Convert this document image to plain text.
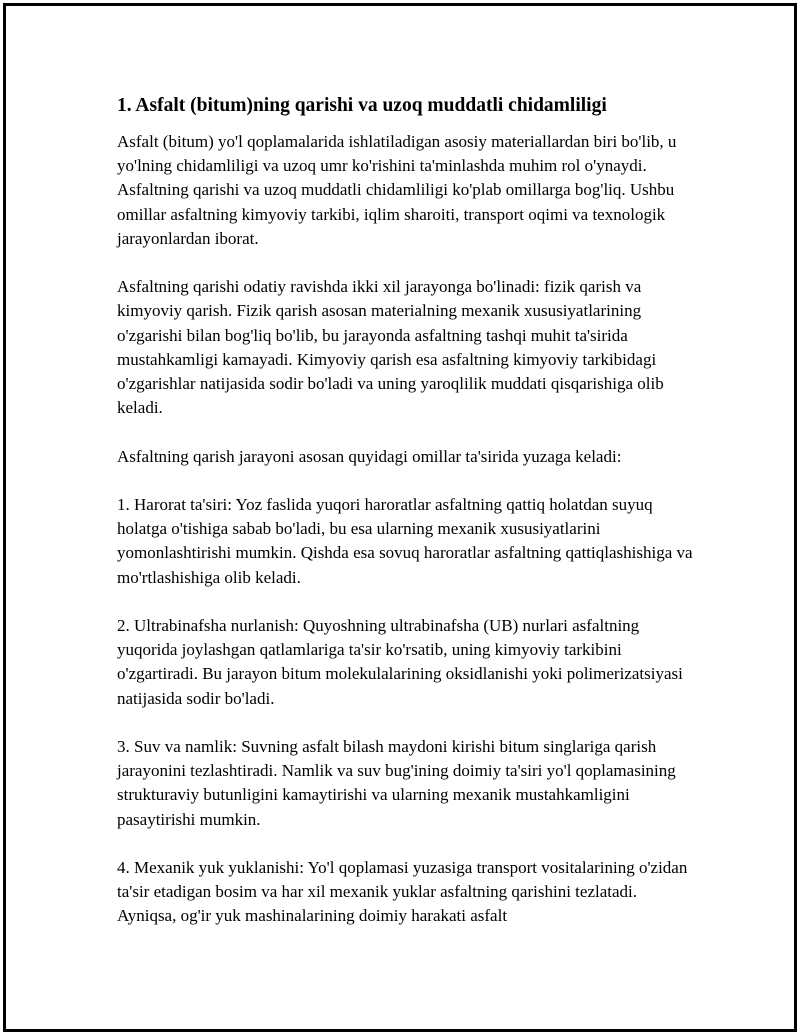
1. Asfalt (bitum)ning qarishi va uzoq muddatli chidamliligi

Asfalt (bitum) yo'l qoplamalarida ishlatiladigan asosiy materiallardan biri bo'lib, u yo'lning chidamliligi va uzoq umr ko'rishini ta'minlashda muhim rol o'ynaydi. Asfaltning qarishi va uzoq muddatli chidamliligi ko'plab omillarga bog'liq. Ushbu omillar asfaltning kimyoviy tarkibi, iqlim sharoiti, transport oqimi va texnologik jarayonlardan iborat.

Asfaltning qarishi odatiy ravishda ikki xil jarayonga bo'linadi: fizik qarish va kimyoviy qarish. Fizik qarish asosan materialning mexanik xususiyatlarining o'zgarishi bilan bog'liq bo'lib, bu jarayonda asfaltning tashqi muhit ta'sirida mustahkamligi kamayadi. Kimyoviy qarish esa asfaltning kimyoviy tarkibidagi o'zgarishlar natijasida sodir bo'ladi va uning yaroqlilik muddati qisqarishiga olib keladi.

Asfaltning qarish jarayoni asosan quyidagi omillar ta'sirida yuzaga keladi:

1. Harorat ta'siri: Yoz faslida yuqori haroratlar asfaltning qattiq holatdan suyuq holatga o'tishiga sabab bo'ladi, bu esa ularning mexanik xususiyatlarini yomonlashtirishi mumkin. Qishda esa sovuq haroratlar asfaltning qattiqlashishiga va mo'rtlashishiga olib keladi.

2. Ultrabinafsha nurlanish: Quyoshning ultrabinafsha (UB) nurlari asfaltning yuqorida joylashgan qatlamlariga ta'sir ko'rsatib, uning kimyoviy tarkibini o'zgartiradi. Bu jarayon bitum molekulalarining oksidlanishi yoki polimerizatsiyasi natijasida sodir bo'ladi.

3. Suv va namlik: Suvning asfalt bilash maydoni kirishi bitum singlariga qarish jarayonini tezlashtiradi. Namlik va suv bug'ining doimiy ta'siri yo'l qoplamasining strukturaviy butunligini kamaytirishi va ularning mexanik mustahkamligini pasaytirishi mumkin.

4. Mexanik yuk yuklanishi: Yo'l qoplamasi yuzasiga transport vositalarining o'zidan ta'sir etadigan bosim va har xil mexanik yuklar asfaltning qarishini tezlatadi. Ayniqsa, og'ir yuk mashinalarining doimiy harakati asfalt
